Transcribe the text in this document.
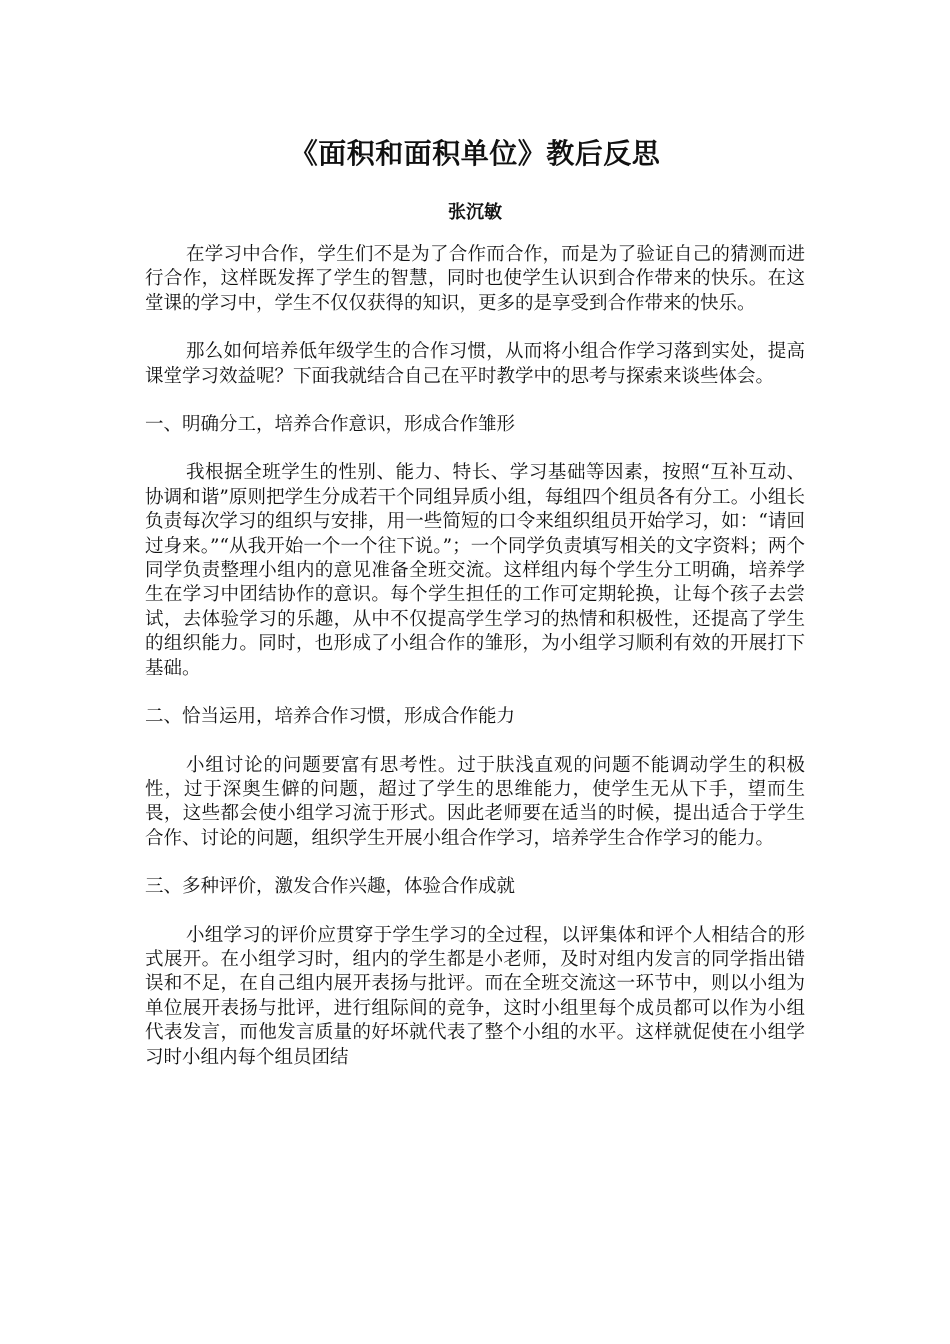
《面积和面积单位》教后反思
张沉敏

在学习中合作，学生们不是为了合作而合作，而是为了验证自己的猜测而进行合作，这样既发挥了学生的智慧，同时也使学生认识到合作带来的快乐。在这堂课的学习中，学生不仅仅获得的知识，更多的是享受到合作带来的快乐。

那么如何培养低年级学生的合作习惯，从而将小组合作学习落到实处，提高课堂学习效益呢？下面我就结合自己在平时教学中的思考与探索来谈些体会。

一、明确分工，培养合作意识，形成合作雏形

我根据全班学生的性别、能力、特长、学习基础等因素，按照“互补互动、协调和谐”原则把学生分成若干个同组异质小组，每组四个组员各有分工。小组长负责每次学习的组织与安排，用一些简短的口令来组织组员开始学习，如：“请回过身来。”“从我开始一个一个往下说。”；一个同学负责填写相关的文字资料；两个同学负责整理小组内的意见准备全班交流。这样组内每个学生分工明确，培养学生在学习中团结协作的意识。每个学生担任的工作可定期轮换，让每个孩子去尝试，去体验学习的乐趣，从中不仅提高学生学习的热情和积极性，还提高了学生的组织能力。同时，也形成了小组合作的雏形，为小组学习顺利有效的开展打下基础。

二、恰当运用，培养合作习惯，形成合作能力

小组讨论的问题要富有思考性。过于肤浅直观的问题不能调动学生的积极性，过于深奥生僻的问题，超过了学生的思维能力，使学生无从下手，望而生畏，这些都会使小组学习流于形式。因此老师要在适当的时候，提出适合于学生合作、讨论的问题，组织学生开展小组合作学习，培养学生合作学习的能力。

三、多种评价，激发合作兴趣，体验合作成就

小组学习的评价应贯穿于学生学习的全过程，以评集体和评个人相结合的形式展开。在小组学习时，组内的学生都是小老师，及时对组内发言的同学指出错误和不足，在自己组内展开表扬与批评。而在全班交流这一环节中，则以小组为单位展开表扬与批评，进行组际间的竞争，这时小组里每个成员都可以作为小组代表发言，而他发言质量的好坏就代表了整个小组的水平。这样就促使在小组学习时小组内每个组员团结
